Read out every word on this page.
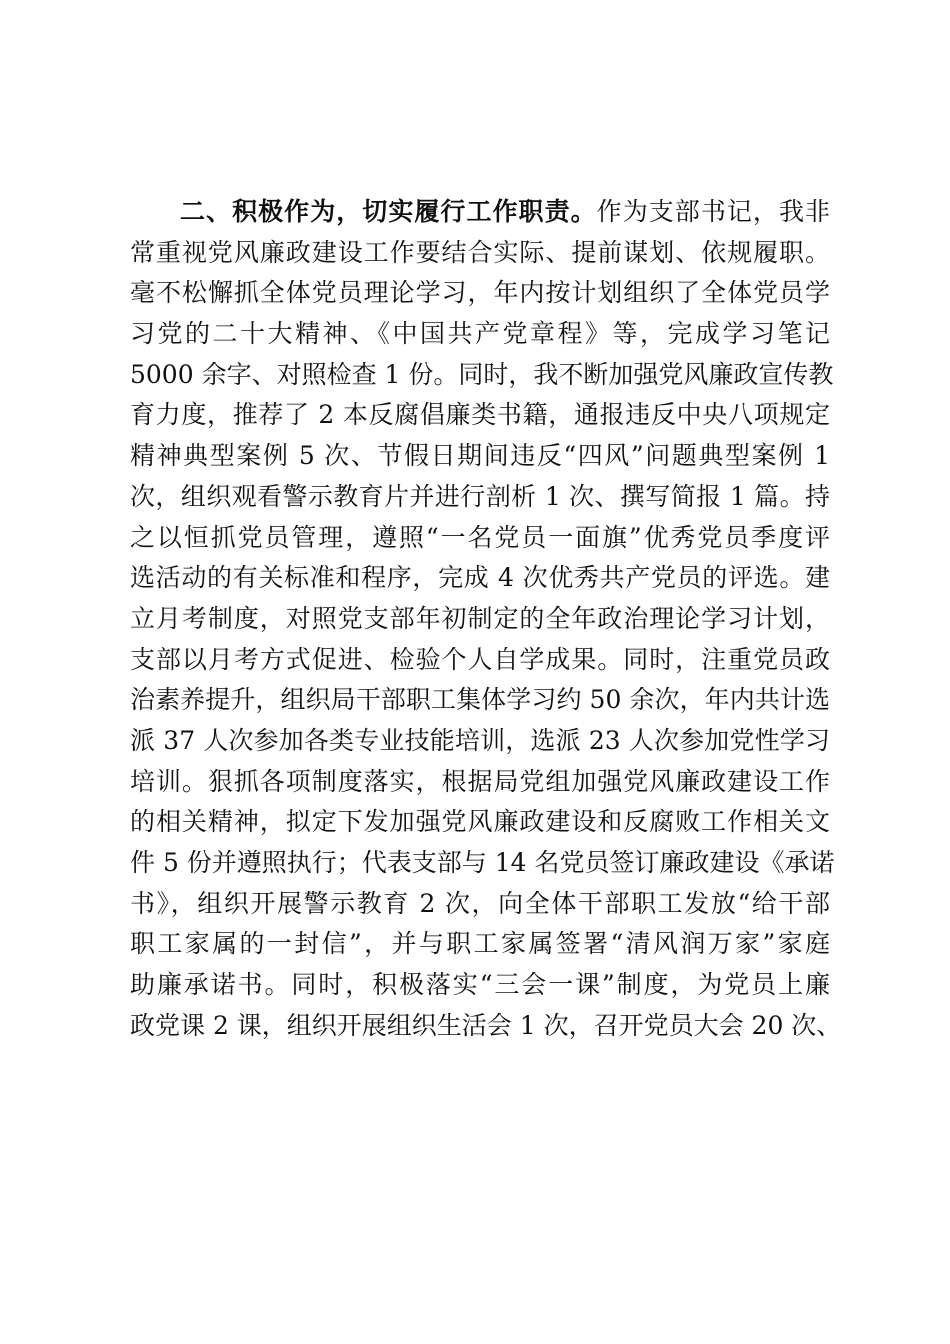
二、积极作为，切实履行工作职责。作为支部书记，我非
常重视党风廉政建设工作要结合实际、提前谋划、依规履职。
毫不松懈抓全体党员理论学习，年内按计划组织了全体党员学
习党的二十大精神、《中国共产党章程》等，完成学习笔记
5000 余字、对照检查 1 份。同时，我不断加强党风廉政宣传教
育力度，推荐了 2 本反腐倡廉类书籍，通报违反中央八项规定
精神典型案例 5 次、节假日期间违反“四风”问题典型案例 1
次，组织观看警示教育片并进行剖析 1 次、撰写简报 1 篇。持
之以恒抓党员管理，遵照“一名党员一面旗”优秀党员季度评
选活动的有关标准和程序，完成 4 次优秀共产党员的评选。建
立月考制度，对照党支部年初制定的全年政治理论学习计划，
支部以月考方式促进、检验个人自学成果。同时，注重党员政
治素养提升，组织局干部职工集体学习约 50 余次，年内共计选
派 37 人次参加各类专业技能培训，选派 23 人次参加党性学习
培训。狠抓各项制度落实，根据局党组加强党风廉政建设工作
的相关精神，拟定下发加强党风廉政建设和反腐败工作相关文
件 5 份并遵照执行；代表支部与 14 名党员签订廉政建设《承诺
书》，组织开展警示教育 2 次，向全体干部职工发放“给干部
职工家属的一封信”，并与职工家属签署“清风润万家”家庭
助廉承诺书。同时，积极落实“三会一课”制度，为党员上廉
政党课 2 课，组织开展组织生活会 1 次，召开党员大会 20 次、
